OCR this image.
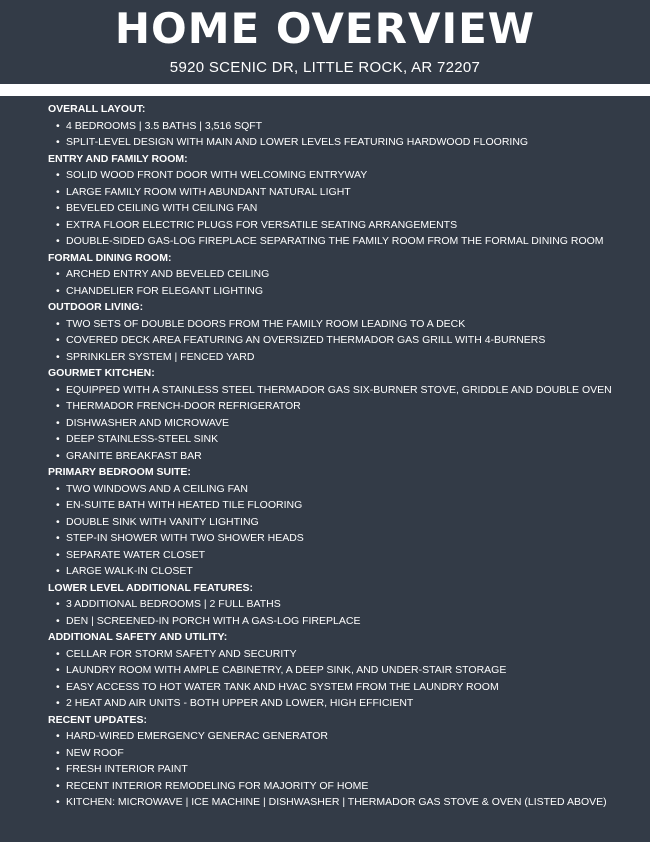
HOME OVERVIEW
5920 SCENIC DR, LITTLE ROCK, AR 72207
OVERALL LAYOUT:
• 4 BEDROOMS | 3.5 BATHS | 3,516 SQFT
• SPLIT-LEVEL DESIGN WITH MAIN AND LOWER LEVELS FEATURING HARDWOOD FLOORING
ENTRY AND FAMILY ROOM:
• SOLID WOOD FRONT DOOR WITH WELCOMING ENTRYWAY
• LARGE FAMILY ROOM WITH ABUNDANT NATURAL LIGHT
• BEVELED CEILING WITH CEILING FAN
• EXTRA FLOOR ELECTRIC PLUGS FOR VERSATILE SEATING ARRANGEMENTS
• DOUBLE-SIDED GAS-LOG FIREPLACE SEPARATING THE FAMILY ROOM FROM THE FORMAL DINING ROOM
FORMAL DINING ROOM:
• ARCHED ENTRY AND BEVELED CEILING
• CHANDELIER FOR ELEGANT LIGHTING
OUTDOOR LIVING:
• TWO SETS OF DOUBLE DOORS FROM THE FAMILY ROOM LEADING TO A DECK
• COVERED DECK AREA FEATURING AN OVERSIZED THERMADOR GAS GRILL WITH 4-BURNERS
• SPRINKLER SYSTEM | FENCED YARD
GOURMET KITCHEN:
• EQUIPPED WITH A STAINLESS STEEL THERMADOR GAS SIX-BURNER STOVE, GRIDDLE AND DOUBLE OVEN
• THERMADOR FRENCH-DOOR REFRIGERATOR
• DISHWASHER AND MICROWAVE
• DEEP STAINLESS-STEEL SINK
• GRANITE BREAKFAST BAR
PRIMARY BEDROOM SUITE:
• TWO WINDOWS AND A CEILING FAN
• EN-SUITE BATH WITH HEATED TILE FLOORING
• DOUBLE SINK WITH VANITY LIGHTING
• STEP-IN SHOWER WITH TWO SHOWER HEADS
• SEPARATE WATER CLOSET
• LARGE WALK-IN CLOSET
LOWER LEVEL ADDITIONAL FEATURES:
• 3 ADDITIONAL BEDROOMS | 2 FULL BATHS
• DEN | SCREENED-IN PORCH WITH A GAS-LOG FIREPLACE
ADDITIONAL SAFETY AND UTILITY:
• CELLAR FOR STORM SAFETY AND SECURITY
• LAUNDRY ROOM WITH AMPLE CABINETRY, A DEEP SINK, AND UNDER-STAIR STORAGE
• EASY ACCESS TO HOT WATER TANK AND HVAC SYSTEM FROM THE LAUNDRY ROOM
• 2 HEAT AND AIR UNITS - BOTH UPPER AND LOWER, HIGH EFFICIENT
RECENT UPDATES:
• HARD-WIRED EMERGENCY GENERAC GENERATOR
• NEW ROOF
• FRESH INTERIOR PAINT
• RECENT INTERIOR REMODELING FOR MAJORITY OF HOME
• KITCHEN: MICROWAVE | ICE MACHINE | DISHWASHER | THERMADOR GAS STOVE & OVEN (LISTED ABOVE)
